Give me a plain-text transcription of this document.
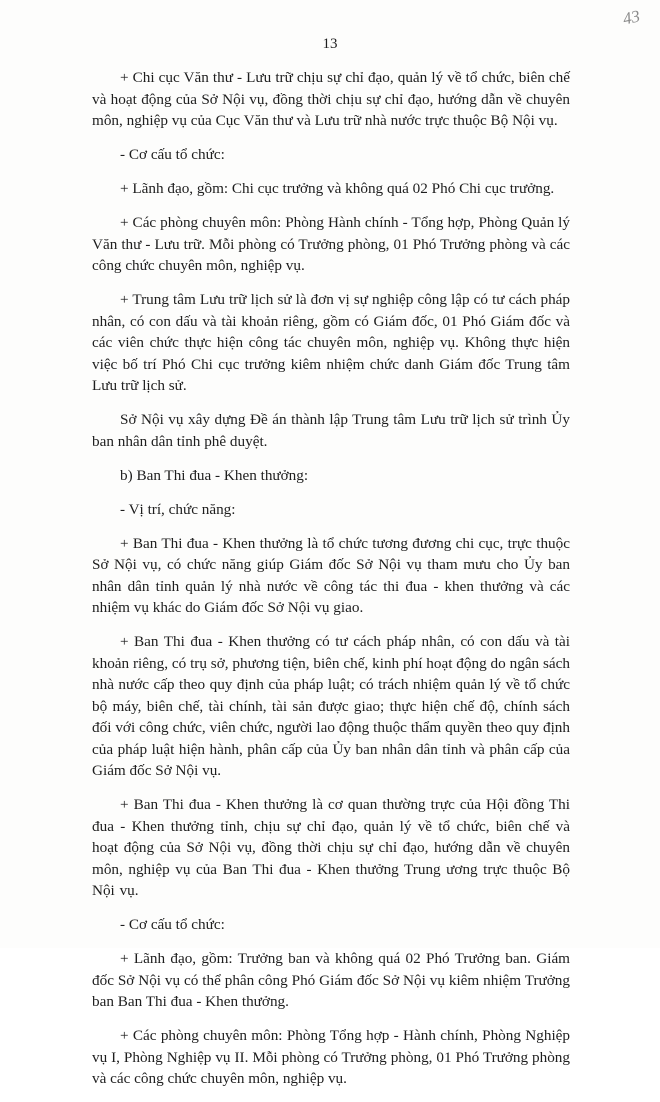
43
13

+ Chi cục Văn thư - Lưu trữ chịu sự chỉ đạo, quản lý về tổ chức, biên chế và hoạt động của Sở Nội vụ, đồng thời chịu sự chỉ đạo, hướng dẫn về chuyên môn, nghiệp vụ của Cục Văn thư và Lưu trữ nhà nước trực thuộc Bộ Nội vụ.

- Cơ cấu tổ chức:

+ Lãnh đạo, gồm: Chi cục trưởng và không quá 02 Phó Chi cục trưởng.

+ Các phòng chuyên môn: Phòng Hành chính - Tổng hợp, Phòng Quản lý Văn thư - Lưu trữ. Mỗi phòng có Trưởng phòng, 01 Phó Trưởng phòng và các công chức chuyên môn, nghiệp vụ.

+ Trung tâm Lưu trữ lịch sử là đơn vị sự nghiệp công lập có tư cách pháp nhân, có con dấu và tài khoản riêng, gồm có Giám đốc, 01 Phó Giám đốc và các viên chức thực hiện công tác chuyên môn, nghiệp vụ. Không thực hiện việc bố trí Phó Chi cục trưởng kiêm nhiệm chức danh Giám đốc Trung tâm Lưu trữ lịch sử.

Sở Nội vụ xây dựng Đề án thành lập Trung tâm Lưu trữ lịch sử trình Ủy ban nhân dân tỉnh phê duyệt.

b) Ban Thi đua - Khen thưởng:

- Vị trí, chức năng:

+ Ban Thi đua - Khen thưởng là tổ chức tương đương chi cục, trực thuộc Sở Nội vụ, có chức năng giúp Giám đốc Sở Nội vụ tham mưu cho Ủy ban nhân dân tỉnh quản lý nhà nước về công tác thi đua - khen thưởng và các nhiệm vụ khác do Giám đốc Sở Nội vụ giao.

+ Ban Thi đua - Khen thưởng có tư cách pháp nhân, có con dấu và tài khoản riêng, có trụ sở, phương tiện, biên chế, kinh phí hoạt động do ngân sách nhà nước cấp theo quy định của pháp luật; có trách nhiệm quản lý về tổ chức bộ máy, biên chế, tài chính, tài sản được giao; thực hiện chế độ, chính sách đối với công chức, viên chức, người lao động thuộc thẩm quyền theo quy định của pháp luật hiện hành, phân cấp của Ủy ban nhân dân tỉnh và phân cấp của Giám đốc Sở Nội vụ.

+ Ban Thi đua - Khen thưởng là cơ quan thường trực của Hội đồng Thi đua - Khen thưởng tỉnh, chịu sự chỉ đạo, quản lý về tổ chức, biên chế và hoạt động của Sở Nội vụ, đồng thời chịu sự chỉ đạo, hướng dẫn về chuyên môn, nghiệp vụ của Ban Thi đua - Khen thưởng Trung ương trực thuộc Bộ Nội vụ.

- Cơ cấu tổ chức:

+ Lãnh đạo, gồm: Trưởng ban và không quá 02 Phó Trưởng ban. Giám đốc Sở Nội vụ có thể phân công Phó Giám đốc Sở Nội vụ kiêm nhiệm Trưởng ban Ban Thi đua - Khen thưởng.

+ Các phòng chuyên môn: Phòng Tổng hợp - Hành chính, Phòng Nghiệp vụ I, Phòng Nghiệp vụ II. Mỗi phòng có Trưởng phòng, 01 Phó Trưởng phòng và các công chức chuyên môn, nghiệp vụ.
